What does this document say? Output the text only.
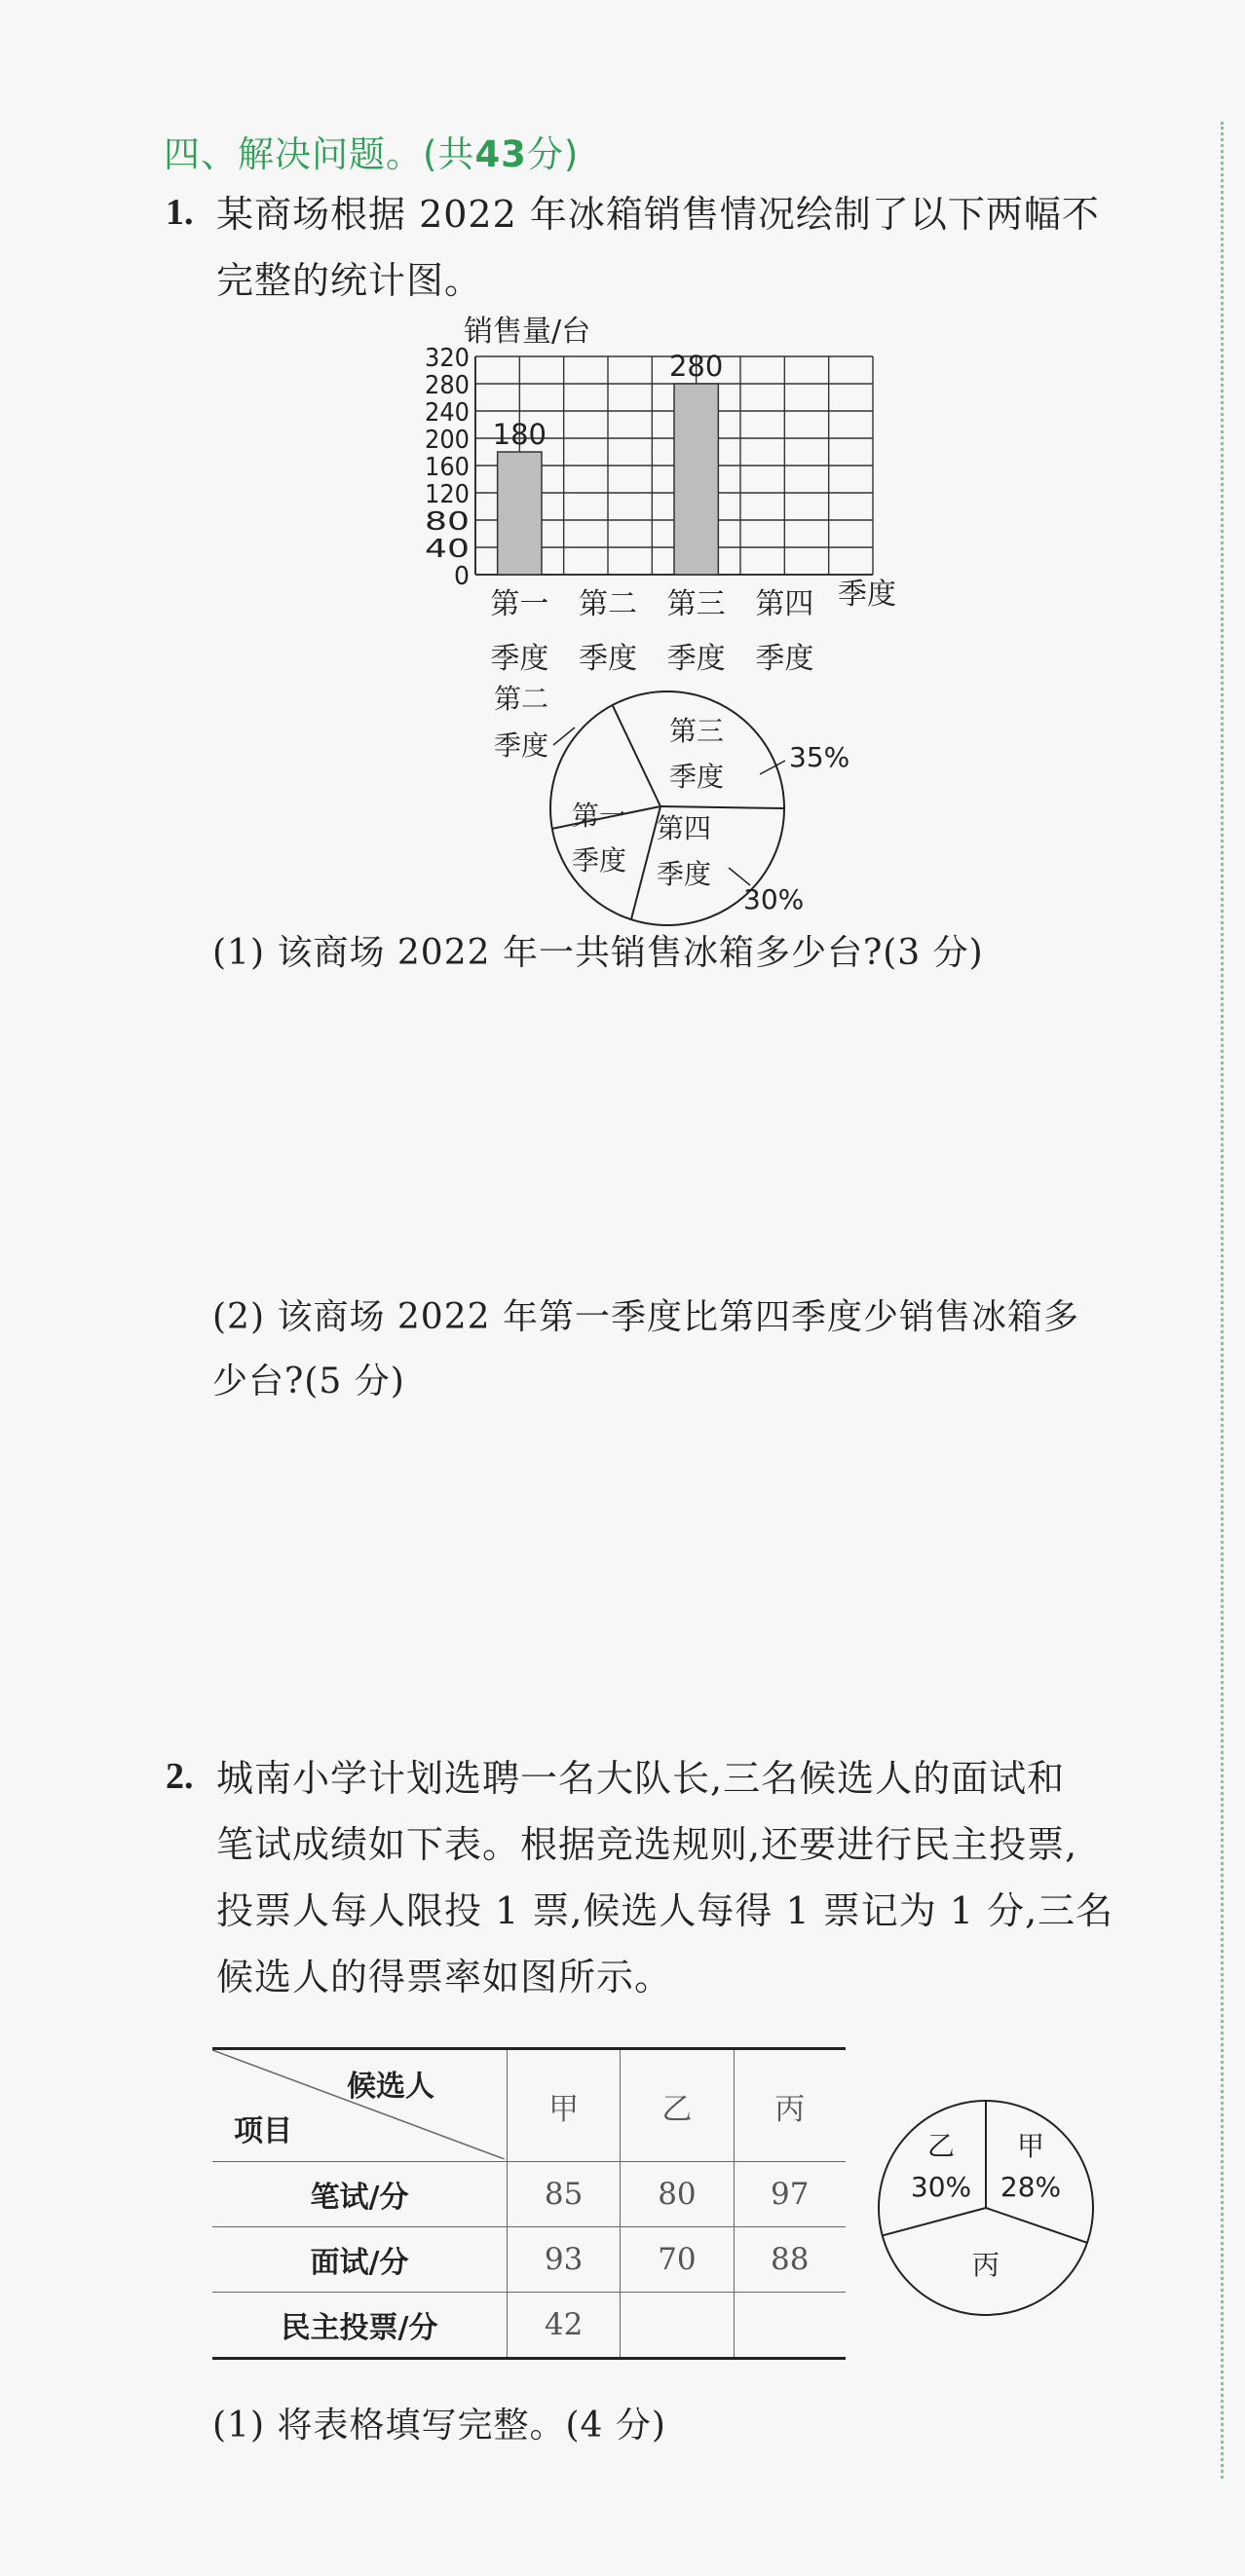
四、解决问题。(共43分)
1. 某商场根据 2022 年冰箱销售情况绘制了以下两幅不
完整的统计图。
销售量/台
0
40
80
120
160
200
240
280
320
180
280
第一
季度
第二
季度
第三
季度
第四
季度
季度
第三
季度
35%
第四
季度
30%
第一
季度
第二
季度
(1) 该商场 2022 年一共销售冰箱多少台?(3 分)
(2) 该商场 2022 年第一季度比第四季度少销售冰箱多
少台?(5 分)
2. 城南小学计划选聘一名大队长,三名候选人的面试和
笔试成绩如下表。根据竞选规则,还要进行民主投票,
投票人每人限投 1 票,候选人每得 1 票记为 1 分,三名
候选人的得票率如图所示。
候选人
项目	甲	乙	丙
笔试/分	85	80	97
面试/分	93	70	88
民主投票/分	42		
甲
28%
乙
30%
丙
(1) 将表格填写完整。(4 分)
